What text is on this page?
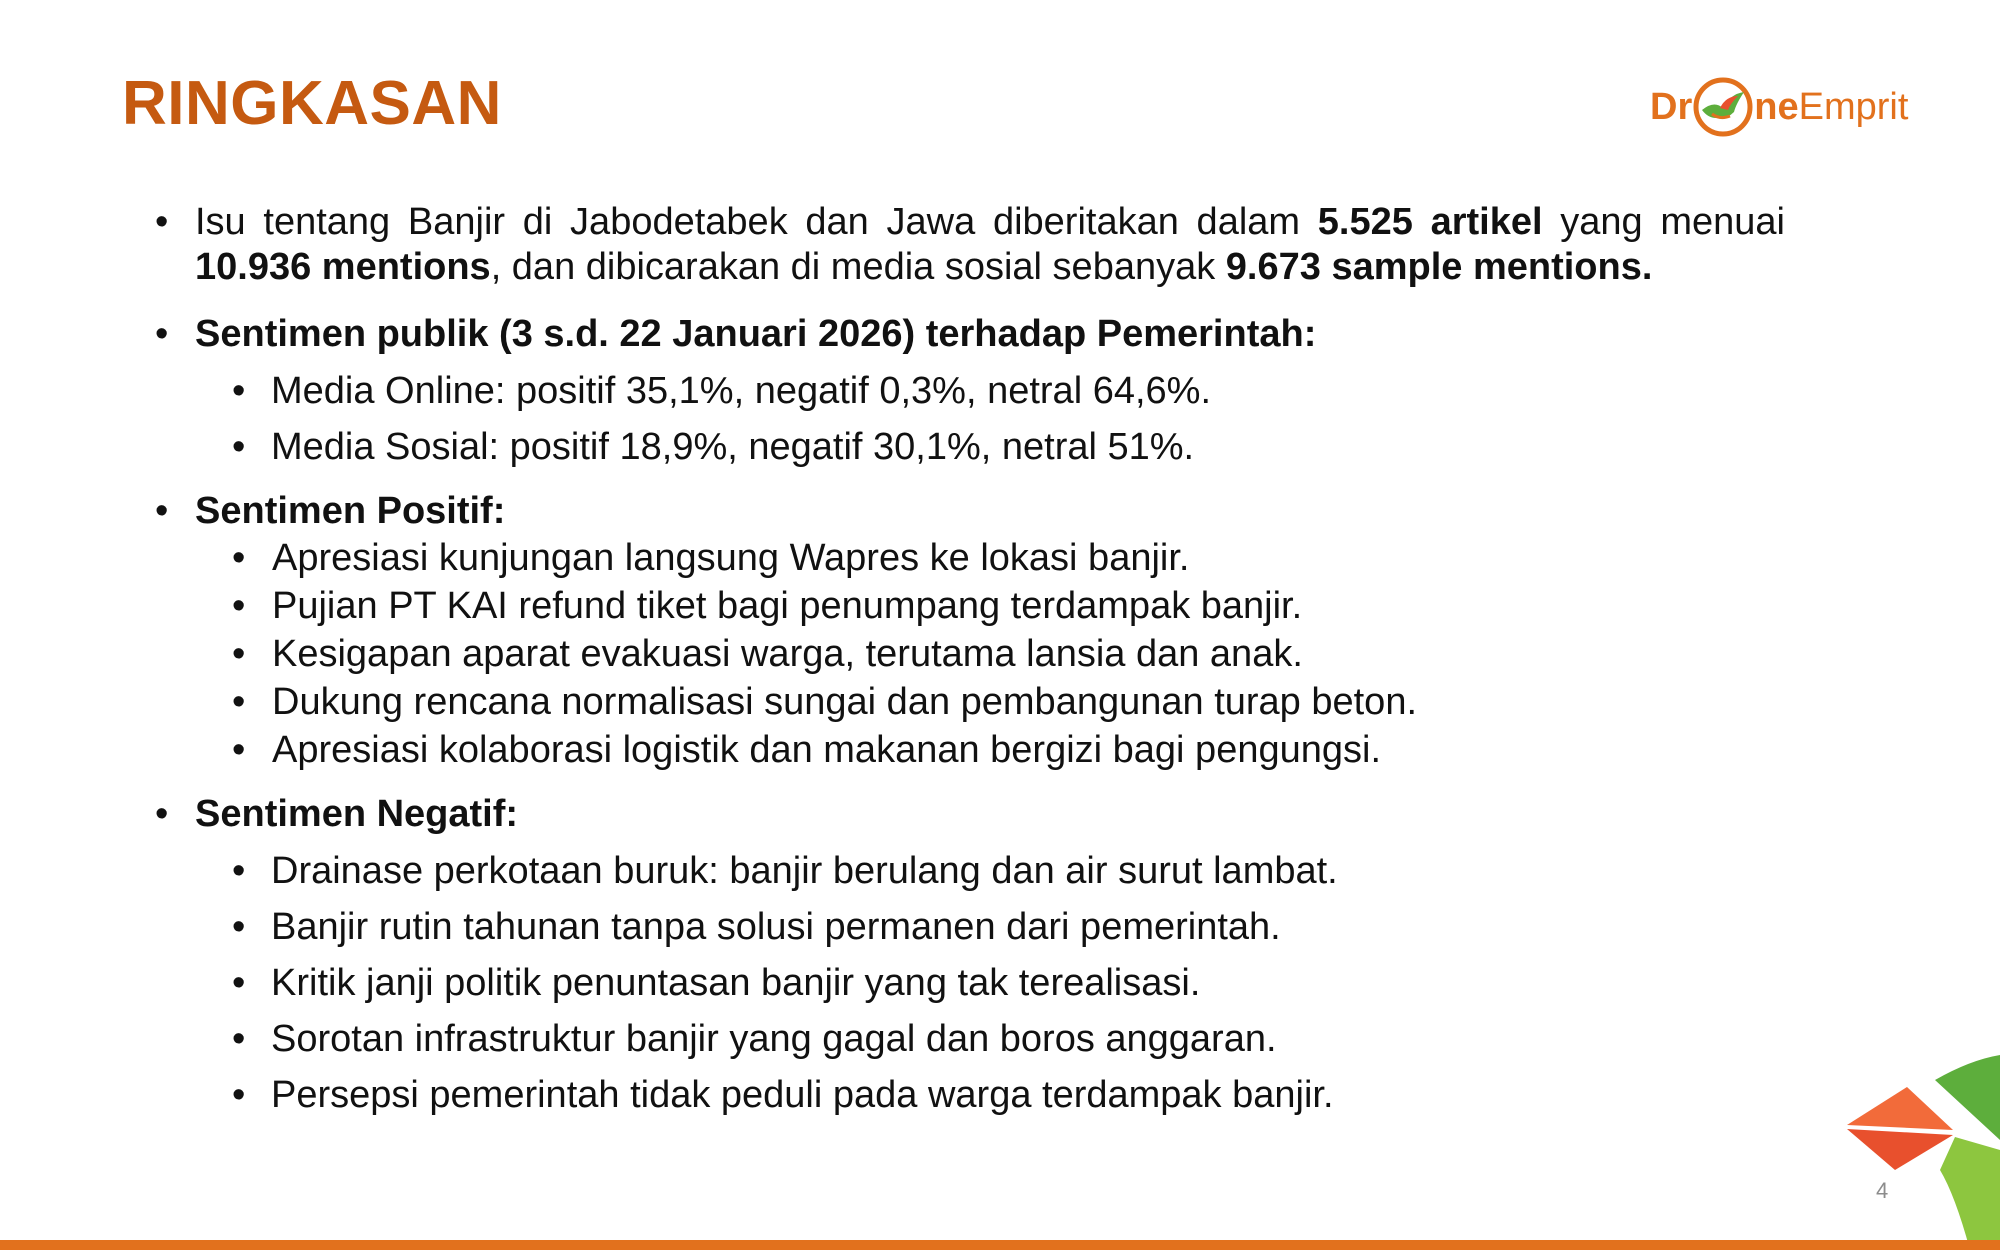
RINGKASAN	Dr ne Emprit
• Isu tentang Banjir di Jabodetabek dan Jawa diberitakan dalam 5.525 artikel yang menuai 10.936 mentions, dan dibicarakan di media sosial sebanyak 9.673 sample mentions.
• Sentimen publik (3 s.d. 22 Januari 2026) terhadap Pemerintah:
• Media Online: positif 35,1%, negatif 0,3%, netral 64,6%.
• Media Sosial: positif 18,9%, negatif 30,1%, netral 51%.
• Sentimen Positif:
• Apresiasi kunjungan langsung Wapres ke lokasi banjir.
• Pujian PT KAI refund tiket bagi penumpang terdampak banjir.
• Kesigapan aparat evakuasi warga, terutama lansia dan anak.
• Dukung rencana normalisasi sungai dan pembangunan turap beton.
• Apresiasi kolaborasi logistik dan makanan bergizi bagi pengungsi.
• Sentimen Negatif:
• Drainase perkotaan buruk: banjir berulang dan air surut lambat.
• Banjir rutin tahunan tanpa solusi permanen dari pemerintah.
• Kritik janji politik penuntasan banjir yang tak terealisasi.
• Sorotan infrastruktur banjir yang gagal dan boros anggaran.
• Persepsi pemerintah tidak peduli pada warga terdampak banjir.
4
